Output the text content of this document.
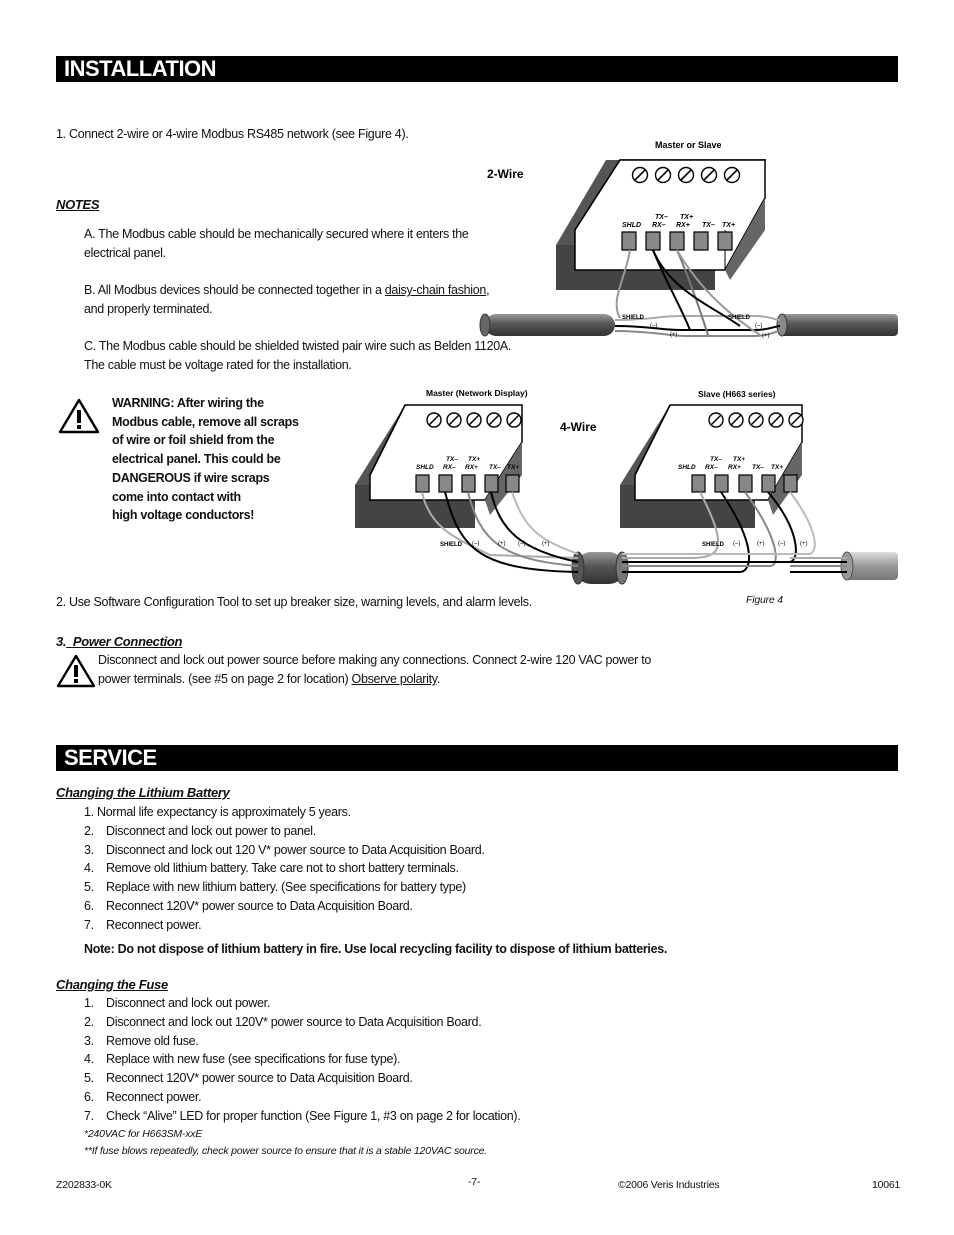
INSTALLATION
1. Connect 2-wire or 4-wire Modbus RS485 network (see Figure 4).
NOTES
A. The Modbus cable should be mechanically secured where it enters the
electrical panel.
B. All Modbus devices should be connected together in a daisy-chain fashion,
and properly terminated.
C. The Modbus cable should be shielded twisted pair wire such as Belden 1120A.
The cable must be voltage rated for the installation.
WARNING: After wiring the
Modbus cable, remove all scraps
of wire or foil shield from the
electrical panel. This could be
DANGEROUS if wire scraps
come into contact with
high voltage conductors!
2-Wire
Master or Slave
SHLD
TX–
RX–
TX+
RX+ TX– TX+
SHIELD	SHIELD
(–)	(–)
(+)	(+)
Master (Network Display)	Slave (H663 series)
4-Wire
SHLD
TX–
RX–
TX+
RX+ TX– TX+	SHLD
TX–
RX–
TX+
RX+ TX– TX+
SHIELD	SHIELD
(–)	(+) (–)	(+)	(–)	(+) (–) (+)
Figure 4
2. Use Software Configuration Tool to set up breaker size, warning levels, and alarm levels.
3. Power Connection
Disconnect and lock out power source before making any connections. Connect 2-wire 120 VAC power to
power terminals. (see #5 on page 2 for location) Observe polarity.
SERVICE
Changing the Lithium Battery
1. Normal life expectancy is approximately 5 years.
2. Disconnect and lock out power to panel.
3. Disconnect and lock out 120 V* power source to Data Acquisition Board.
4. Remove old lithium battery. Take care not to short battery terminals.
5. Replace with new lithium battery. (See specifications for battery type)
6. Reconnect 120V* power source to Data Acquisition Board.
7. Reconnect power.
Note: Do not dispose of lithium battery in fire. Use local recycling facility to dispose of lithium batteries.
Changing the Fuse
1. Disconnect and lock out power.
2. Disconnect and lock out 120V* power source to Data Acquisition Board.
3. Remove old fuse.
4. Replace with new fuse (see specifications for fuse type).
5. Reconnect 120V* power source to Data Acquisition Board.
6. Reconnect power.
7. Check “Alive” LED for proper function (See Figure 1, #3 on page 2 for location).
*240VAC for H663SM-xxE
**If fuse blows repeatedly, check power source to ensure that it is a stable 120VAC source.
Z202833-0K	-7-	©2006 Veris Industries	10061
